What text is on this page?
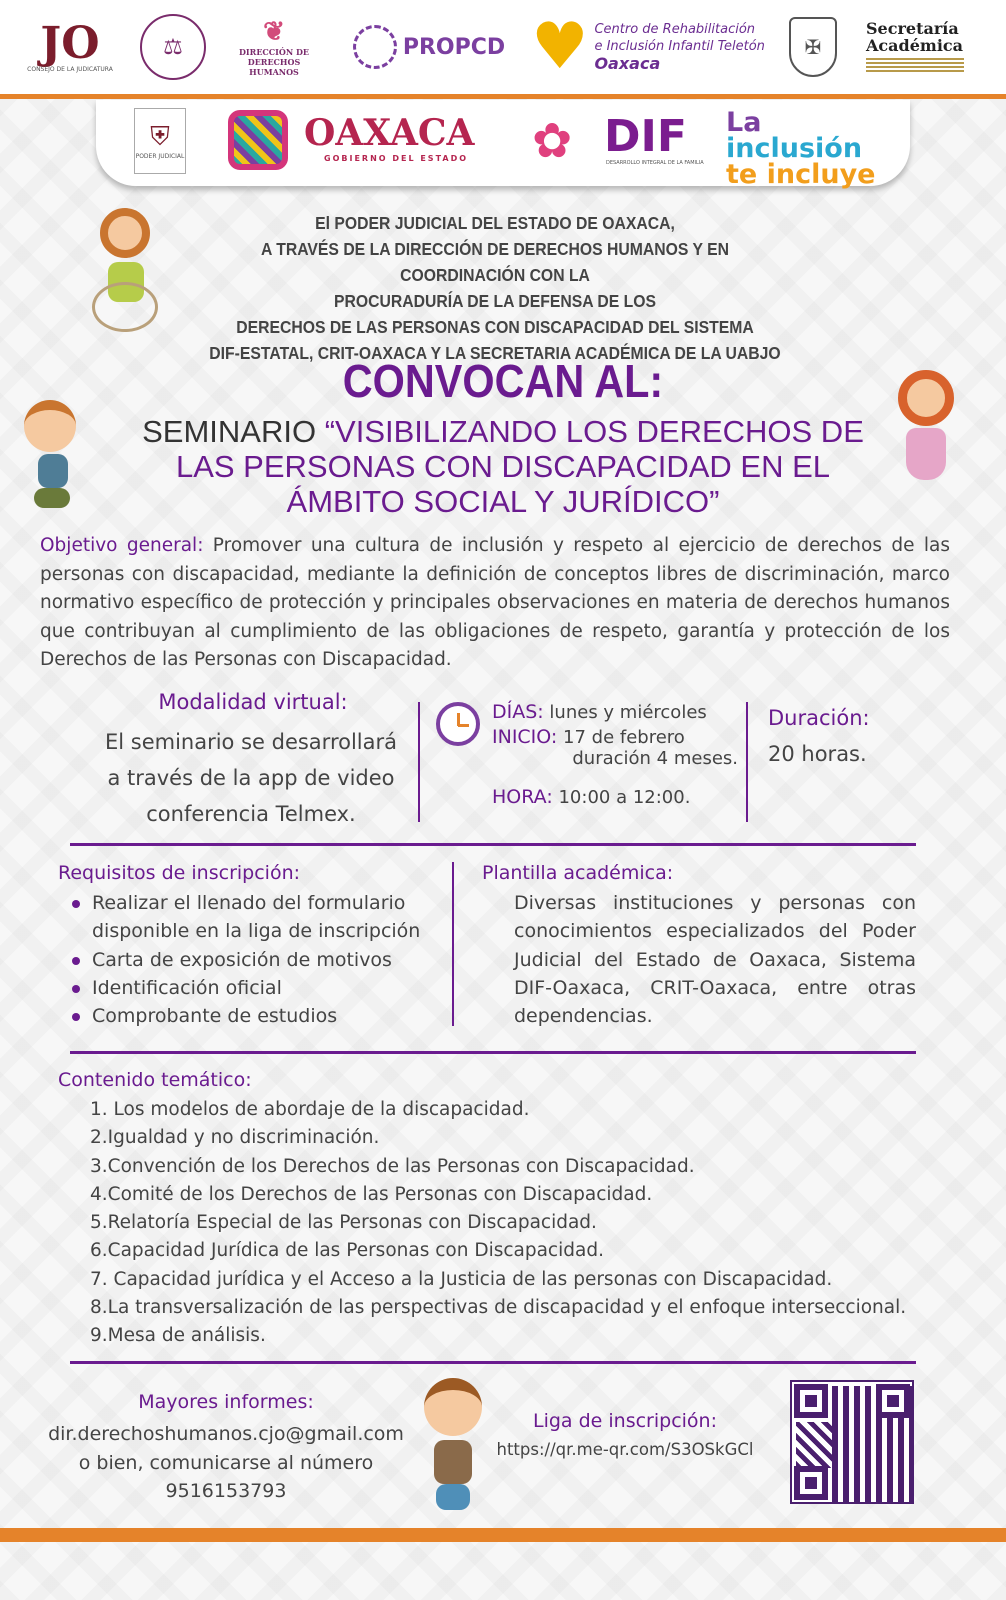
JO
CONSEJO DE LA JUDICATURA
⚖	❦
DIRECCIÓN DE DERECHOS HUMANOS
PROPCD ♥ Centro de Rehabilitación
e Inclusión Infantil Teletón
Oaxaca
✠
Secretaría
Académica
⛨
PODER JUDICIAL
OAXACA
GOBIERNO DEL ESTADO	✿ DIF
DESARROLLO INTEGRAL DE LA FAMILIA
La
inclusión
te incluye
El PODER JUDICIAL DEL ESTADO DE OAXACA,
A TRAVÉS DE LA DIRECCIÓN DE DERECHOS HUMANOS Y EN COORDINACIÓN CON LA
PROCURADURÍA DE LA DEFENSA DE LOS
DERECHOS DE LAS PERSONAS CON DISCAPACIDAD DEL SISTEMA
DIF-ESTATAL, CRIT-OAXACA Y LA SECRETARIA ACADÉMICA DE LA UABJO
CONVOCAN AL:
SEMINARIO “VISIBILIZANDO LOS DERECHOS DE LAS PERSONAS CON DISCAPACIDAD EN EL ÁMBITO SOCIAL Y JURÍDICO”
Objetivo general: Promover una cultura de inclusión y respeto al ejercicio de derechos de las personas con discapacidad, mediante la definición de conceptos libres de discriminación, marco normativo específico de protección y principales observaciones en materia de derechos humanos que contribuyan al cumplimiento de las obligaciones de respeto, garantía y protección de los Derechos de las Personas con Discapacidad.
Modalidad virtual:
El seminario se desarrollará a través de la app de video conferencia Telmex.
DÍAS: lunes y miércoles
INICIO: 17 de febrero
duración 4 meses.
HORA: 10:00 a 12:00.
Duración:
20 horas.
Requisitos de inscripción:
Realizar el llenado del formulario disponible en la liga de inscripción
Carta de exposición de motivos
Identificación oficial
Comprobante de estudios
Plantilla académica:
Diversas instituciones y personas con conocimientos especializados del Poder Judicial del Estado de Oaxaca, Sistema DIF-Oaxaca, CRIT-Oaxaca, entre otras dependencias.
Contenido temático:
1. Los modelos de abordaje de la discapacidad.
2.Igualdad y no discriminación.
3.Convención de los Derechos de las Personas con Discapacidad.
4.Comité de los Derechos de las Personas con Discapacidad.
5.Relatoría Especial de las Personas con Discapacidad.
6.Capacidad Jurídica de las Personas con Discapacidad.
7. Capacidad jurídica y el Acceso a la Justicia de las personas con Discapacidad.
8.La transversalización de las perspectivas de discapacidad y el enfoque interseccional.
9.Mesa de análisis.
Mayores informes:
dir.derechoshumanos.cjo@gmail.com
o bien, comunicarse al número
9516153793
Liga de inscripción:
https://qr.me-qr.com/S3OSkGCl
